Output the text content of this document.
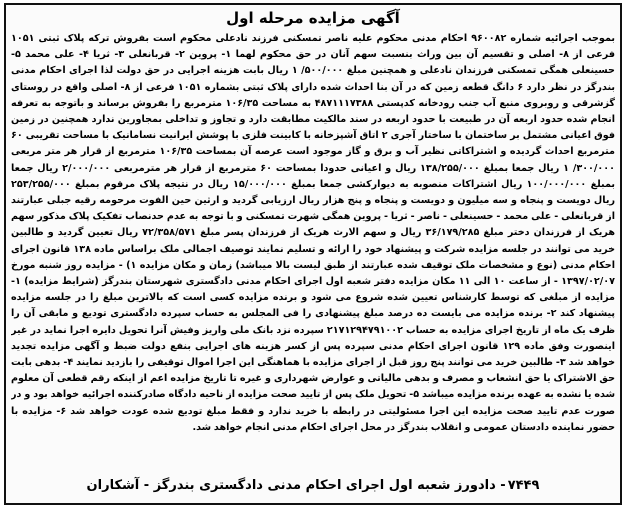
آگهی مزایده مرحله اول

بموجب اجرائیه شماره ۹۶۰۰۸۲ احکام مدنی محکوم علیه ناصر تمسکنی فرزند نادعلی محکوم است بفروش ترکه پلاک ثبتی ۱۰۵۱ فرعی از ۸- اصلی و تقسیم آن بین وراث بنسبت سهم آنان در حق محکوم لهما ۱- پروین ۲- قربانعلی ۳- ثریا ۴- علی محمد ۵- حسینعلی همگی تمسکنی فرزندان نادعلی و همچنین مبلغ ۵۰۰/۰۰۰/ ۱ ریال بابت هزینه اجرایی در حق دولت لذا اجرای احکام مدنی بندرگز در نظر دارد ۶ دانگ قطعه زمین که در آن بنا احداث شده دارای پلاک ثبتی بشماره ۱۰۵۱ فرعی از ۸- اصلی واقع در روستای گزشرقی و روبروی منبع آب جنب رودخانه کدپستی ۴۸۷۱۱۱۷۳۸۸ به مساحت ۱۰۶/۳۵ مترمربع را بفروش برساند و باتوجه به تعرفه انجام شده حدود اربعه آن در طبیعت با حدود اربعه در سند مالکیت مطابقت دارد و تجاوز و تداخلی بمجاورین ندارد همچنین در زمین فوق اعیانی مشتمل بر ساختمان با ساختار آجری ۲ اتاق آشپزخانه با کابینت فلزی با پوشش ایرانیت نسامانیک با مساحت تقریبی ۶۰ مترمربع احداث گردیده و اشتراکاتی نظیر آب و برق و گاز موجود است عرصه آن بمساحت ۱۰۶/۳۵ مترمربع از قرار هر متر مربعی ۳۰۰/۰۰۰/ ۱ ریال جمعا بمبلغ ۱۳۸/۲۵۵/۰۰۰ ریال و اعیانی حدودا بمساحت ۶۰ مترمربع از قرار هر مترمربعی ۲/۰۰۰/۰۰۰ ریال جمعا بمبلغ ۱۰۰/۰۰۰/۰۰۰ ریال اشتراکات منصوبه به دیوارکشی جمعا بمبلغ ۱۵/۰۰۰/۰۰۰ ریال در نتیجه پلاک مرقوم بمبلغ ۲۵۳/۲۵۵/۰۰۰ ریال دویست و پنجاه و سه میلیون و دویست و پنجاه و پنج هزار ریال ارزیابی گردید و ارثین حین الفوت مرحومه رقیه جبلی عبارتند از قربانعلی - علی محمد - حسینعلی - ناصر - ثریا - پروین همگی شهرت تمسکنی و با توجه به عدم حدنصاب تفکیک پلاک مذکور سهم هریک از فرزندان دختر مبلغ ۳۶/۱۷۹/۲۸۵ ریال و سهم الارث هریک از فرزندان پسر مبلغ ۷۲/۳۵۸/۵۷۱ ریال تعیین گردید و طالبین خرید می توانند در جلسه مزایده شرکت و پیشنهاد خود را ارائه و تسلیم نمایند توصیف اجمالی ملک براساس ماده ۱۳۸ قانون اجرای احکام مدنی (نوع و مشخصات ملک توقیف شده عبارتند از طبق لیست بالا میباشد) زمان و مکان مزایده ۱) - مزایده روز شنبه مورخ ۱۳۹۷/۰۲/۰۷ - از ساعت ۱۰ الی ۱۱ مکان مزایده دفتر شعبه اول اجرای احکام مدنی دادگستری شهرستان بندرگز (شرایط مزایده) ۱- مزایده از مبلغی که توسط کارشناس تعیین شده شروع می شود و برنده مزایده کسی است که بالاترین مبلغ را در جلسه مزایده پیشنهاد کند ۲- برنده مزایده می بایست ده درصد مبلغ پیشنهادی را فی المجلس به حساب سپرده دادگستری تودیع و مابقی آن را ظرف یک ماه از تاریخ اجرای مزایده به حساب ۲۱۷۱۲۹۴۷۹۱۰۰۲ سپرده نزد بانک ملی واریز وفیش آنرا تحویل دایره اجرا نماید در غیر اینصورت وفق ماده ۱۲۹ قانون اجرای احکام مدنی سپرده پس از کسر هزینه های اجرایی بنفع دولت ضبط و آگهی مزایده تجدید خواهد شد ۳- طالبین خرید می توانند پنج روز قبل از اجرای مزایده با هماهنگی این اجرا اموال توقیفی را بازدید نمایند ۴- بدهی بابت حق الاشتراک یا حق انشعاب و مصرف و بدهی مالیاتی و عوارض شهرداری و غیره تا تاریخ مزایده اعم از اینکه رقم قطعی آن معلوم شده یا نشده به عهده برنده مزایده میباشد ۵- تحویل ملک پس از تایید صحت مزایده از ناحیه دادگاه صادرکننده اجرائیه خواهد بود و در صورت عدم تایید صحت مزایده این اجرا مسئولیتی در رابطه با خرید ندارد و فقط مبلغ تودیع شده عودت خواهد شد ۶- مزایده با حضور نماینده دادستان عمومی و انقلاب بندرگز در محل اجرای احکام مدنی انجام خواهد شد.

۷۴۴۹- دادورز شعبه اول اجرای احکام مدنی دادگستری بندرگز - آشکاران
